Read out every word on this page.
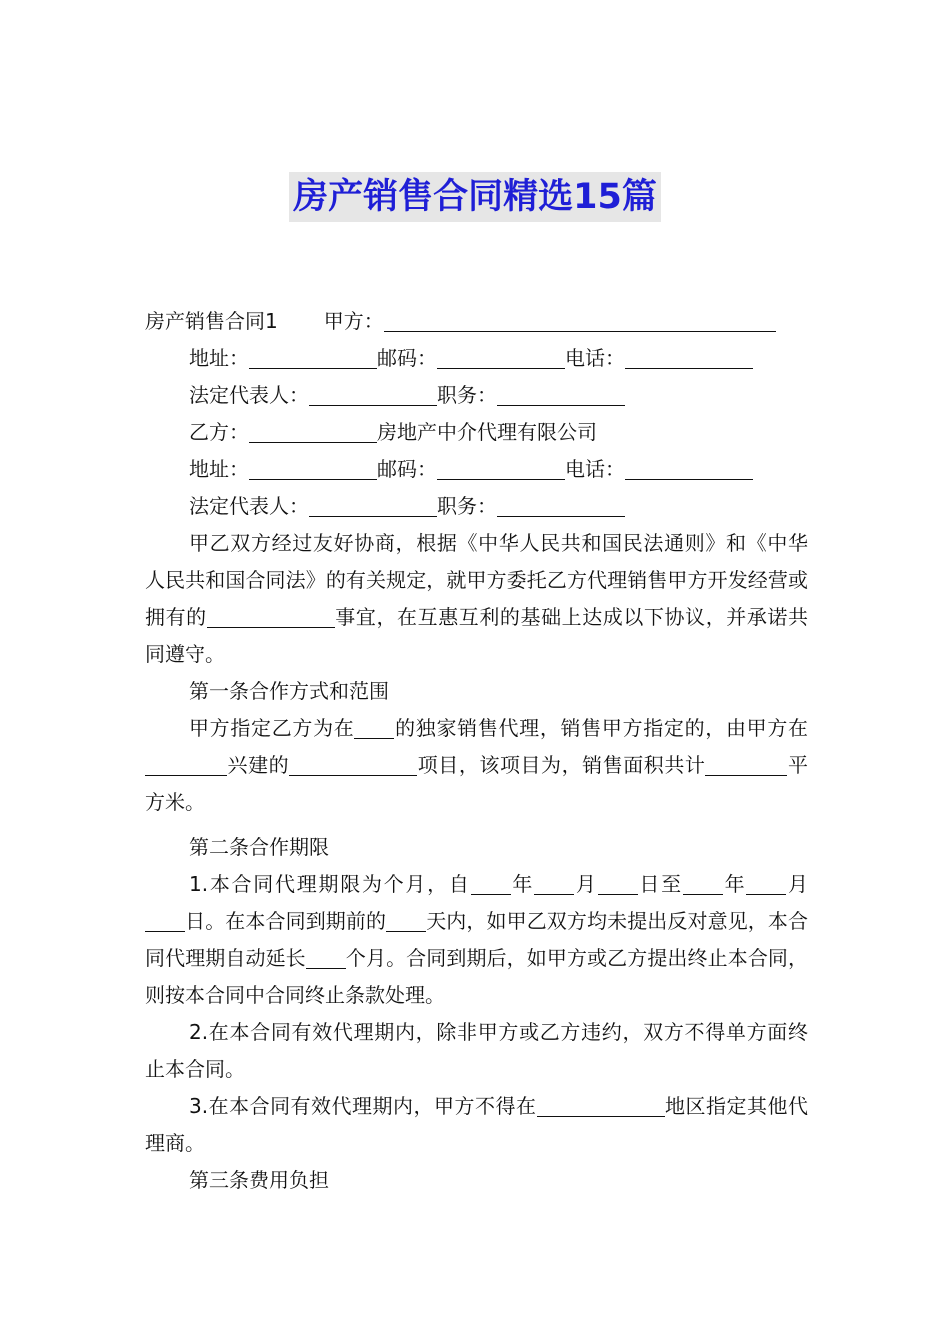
房产销售合同精选15篇

房产销售合同1 甲方：

地址：	邮码：	电话：

法定代表人：	职务：

乙方：	房地产中介代理有限公司

地址：	邮码：	电话：

法定代表人：	职务：

甲乙双方经过友好协商，根据《中华人民共和国民法通则》和《中华人民共和国合同法》的有关规定，就甲方委托乙方代理销售甲方开发经营或拥有的	事宜，在互惠互利的基础上达成以下协议，并承诺共同遵守。

第一条合作方式和范围

甲方指定乙方为在 的独家销售代理，销售甲方指定的，由甲方在兴建的	项目，该项目为，销售面积共计	平方米。

第二条合作期限

1.本合同代理期限为个月，自 年 月 日至 年 月日。在本合同到期前的 天内，如甲乙双方均未提出反对意见，本合同代理期自动延长 个月。合同到期后，如甲方或乙方提出终止本合同，则按本合同中合同终止条款处理。

2.在本合同有效代理期内，除非甲方或乙方违约，双方不得单方面终止本合同。

3.在本合同有效代理期内，甲方不得在	地区指定其他代理商。

第三条费用负担
